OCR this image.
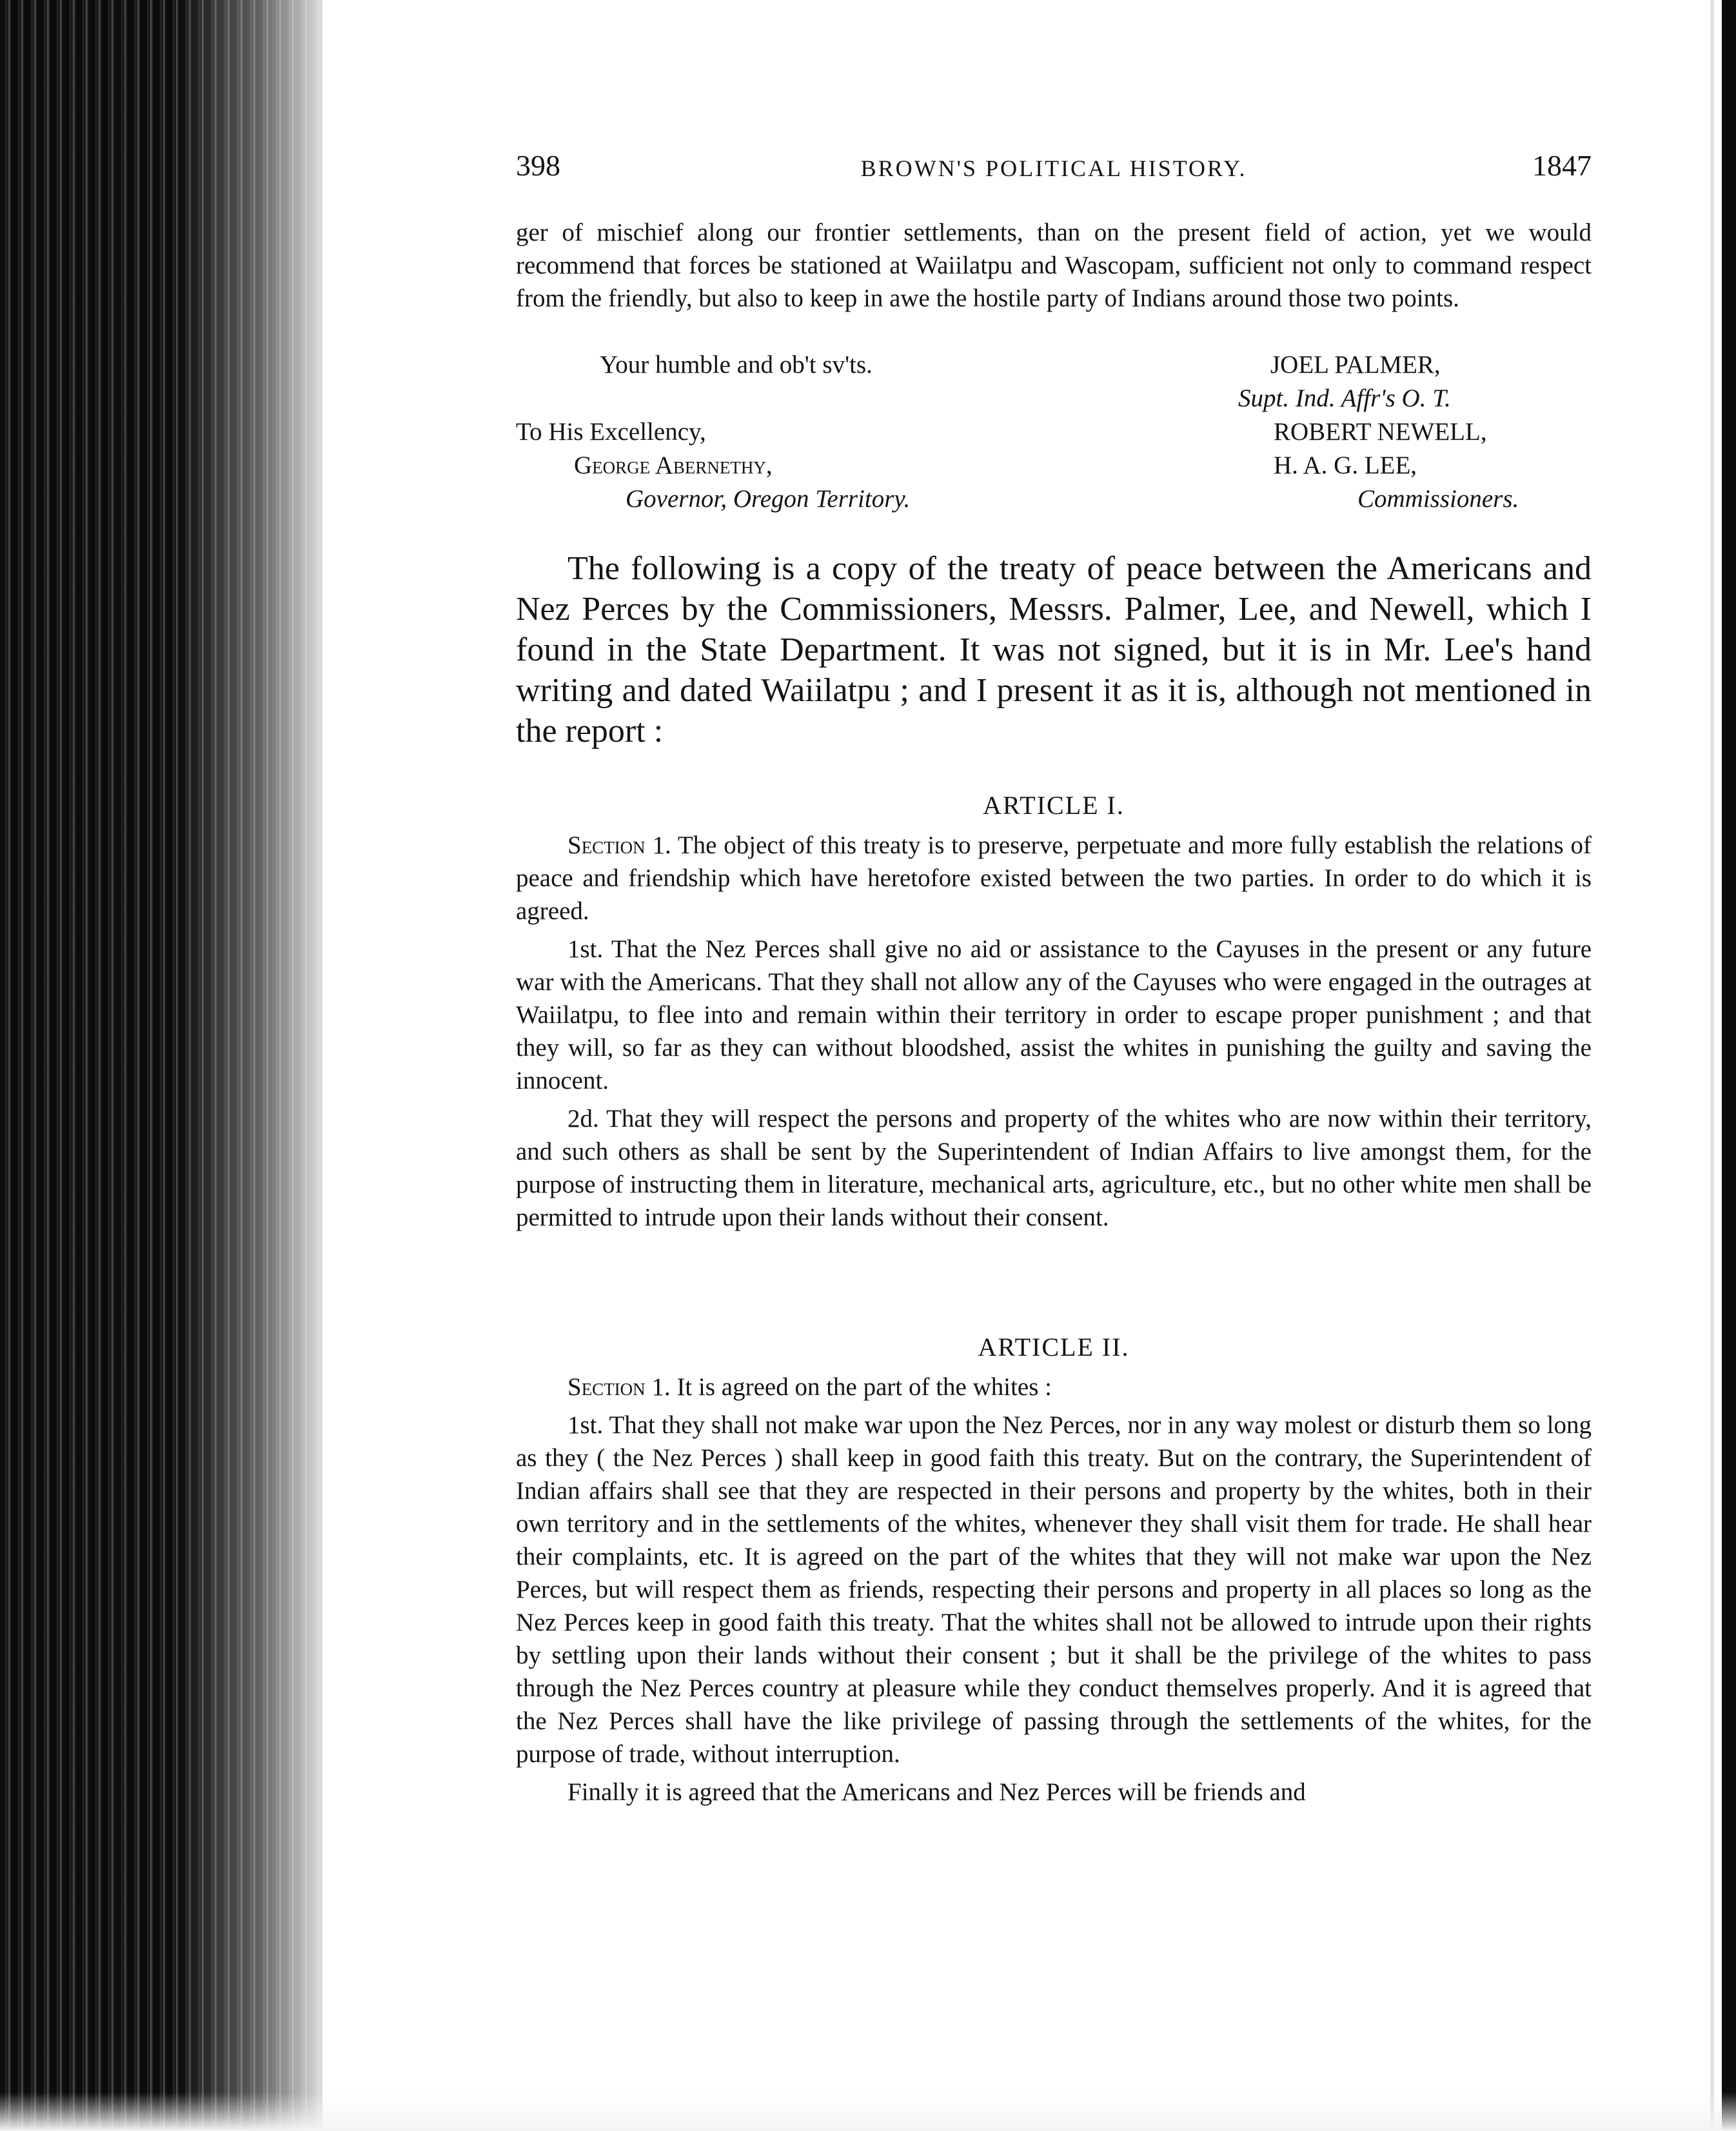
398	BROWN'S POLITICAL HISTORY.	1847

ger of mischief along our frontier settlements, than on the present field of action, yet we would recommend that forces be stationed at Waiilatpu and Wascopam, sufficient not only to command respect from the friendly, but also to keep in awe the hostile party of Indians around those two points.

Your humble and ob't sv'ts.	JOEL PALMER,
Supt. Ind. Affr's O. T.
To His Excellency,	ROBERT NEWELL,
George Abernethy,	H. A. G. LEE,
Governor, Oregon Territory.	Commissioners.

The following is a copy of the treaty of peace between the Americans and Nez Perces by the Commissioners, Messrs. Palmer, Lee, and Newell, which I found in the State Department. It was not signed, but it is in Mr. Lee's hand writing and dated Waiilatpu ; and I present it as it is, although not mentioned in the report :

ARTICLE I.

Section 1. The object of this treaty is to preserve, perpetuate and more fully establish the relations of peace and friendship which have heretofore existed between the two parties. In order to do which it is agreed.

1st. That the Nez Perces shall give no aid or assistance to the Cayuses in the present or any future war with the Americans. That they shall not allow any of the Cayuses who were engaged in the outrages at Waiilatpu, to flee into and remain within their territory in order to escape proper punishment ; and that they will, so far as they can without bloodshed, assist the whites in punishing the guilty and saving the innocent.

2d. That they will respect the persons and property of the whites who are now within their territory, and such others as shall be sent by the Superintendent of Indian Affairs to live amongst them, for the purpose of instructing them in literature, mechanical arts, agriculture, etc., but no other white men shall be permitted to intrude upon their lands without their consent.

ARTICLE II.

Section 1. It is agreed on the part of the whites :

1st. That they shall not make war upon the Nez Perces, nor in any way molest or disturb them so long as they ( the Nez Perces ) shall keep in good faith this treaty. But on the contrary, the Superintendent of Indian affairs shall see that they are respected in their persons and property by the whites, both in their own territory and in the settlements of the whites, whenever they shall visit them for trade. He shall hear their complaints, etc. It is agreed on the part of the whites that they will not make war upon the Nez Perces, but will respect them as friends, respecting their persons and property in all places so long as the Nez Perces keep in good faith this treaty. That the whites shall not be allowed to intrude upon their rights by settling upon their lands without their consent ; but it shall be the privilege of the whites to pass through the Nez Perces country at pleasure while they conduct themselves properly. And it is agreed that the Nez Perces shall have the like privilege of passing through the settlements of the whites, for the purpose of trade, without interruption.

Finally it is agreed that the Americans and Nez Perces will be friends and
